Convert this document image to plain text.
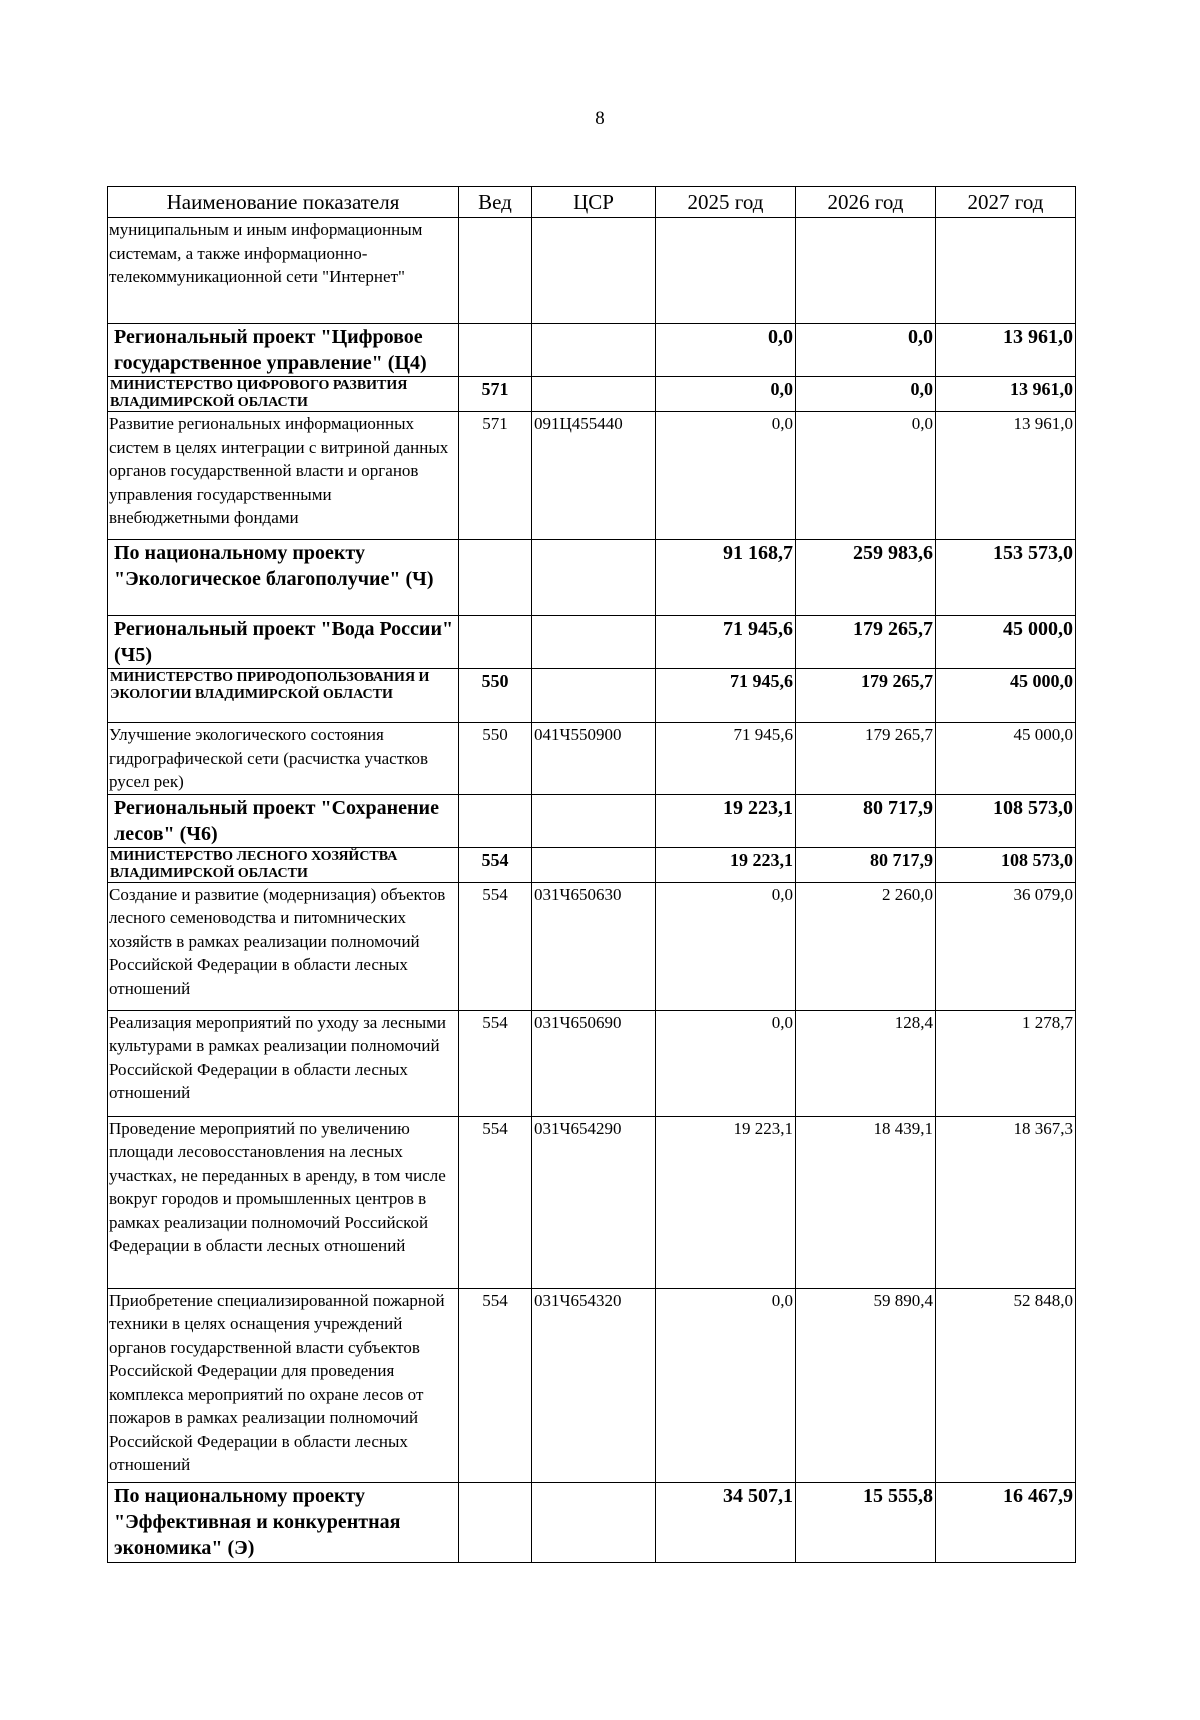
8
Наименование показателя	Вед	ЦСР	2025 год	2026 год	2027 год
муниципальным и иным информационным системам, а также информационно-телекоммуникационной сети "Интернет"					
Региональный проект "Цифровое государственное управление" (Ц4)			0,0	0,0	13 961,0
МИНИСТЕРСТВО ЦИФРОВОГО РАЗВИТИЯ ВЛАДИМИРСКОЙ ОБЛАСТИ	571		0,0	0,0	13 961,0
Развитие региональных информационных систем в целях интеграции с витриной данных органов государственной власти и органов управления государственными внебюджетными фондами	571	091Ц455440	0,0	0,0	13 961,0
По национальному проекту "Экологическое благополучие" (Ч)			91 168,7	259 983,6	153 573,0
Региональный проект "Вода России" (Ч5)			71 945,6	179 265,7	45 000,0
МИНИСТЕРСТВО ПРИРОДОПОЛЬЗОВАНИЯ И ЭКОЛОГИИ ВЛАДИМИРСКОЙ ОБЛАСТИ	550		71 945,6	179 265,7	45 000,0
Улучшение экологического состояния гидрографической сети (расчистка участков русел рек)	550	041Ч550900	71 945,6	179 265,7	45 000,0
Региональный проект "Сохранение лесов" (Ч6)			19 223,1	80 717,9	108 573,0
МИНИСТЕРСТВО ЛЕСНОГО ХОЗЯЙСТВА ВЛАДИМИРСКОЙ ОБЛАСТИ	554		19 223,1	80 717,9	108 573,0
Создание и развитие (модернизация) объектов лесного семеноводства и питомнических хозяйств в рамках реализации полномочий Российской Федерации в области лесных отношений	554	031Ч650630	0,0	2 260,0	36 079,0
Реализация мероприятий по уходу за лесными культурами в рамках реализации полномочий Российской Федерации в области лесных отношений	554	031Ч650690	0,0	128,4	1 278,7
Проведение мероприятий по увеличению площади лесовосстановления на лесных участках, не переданных в аренду, в том числе вокруг городов и промышленных центров в рамках реализации полномочий Российской Федерации в области лесных отношений	554	031Ч654290	19 223,1	18 439,1	18 367,3
Приобретение специализированной пожарной техники в целях оснащения учреждений органов государственной власти субъектов Российской Федерации для проведения комплекса мероприятий по охране лесов от пожаров в рамках реализации полномочий Российской Федерации в области лесных отношений	554	031Ч654320	0,0	59 890,4	52 848,0
По национальному проекту "Эффективная и конкурентная экономика" (Э)			34 507,1	15 555,8	16 467,9
